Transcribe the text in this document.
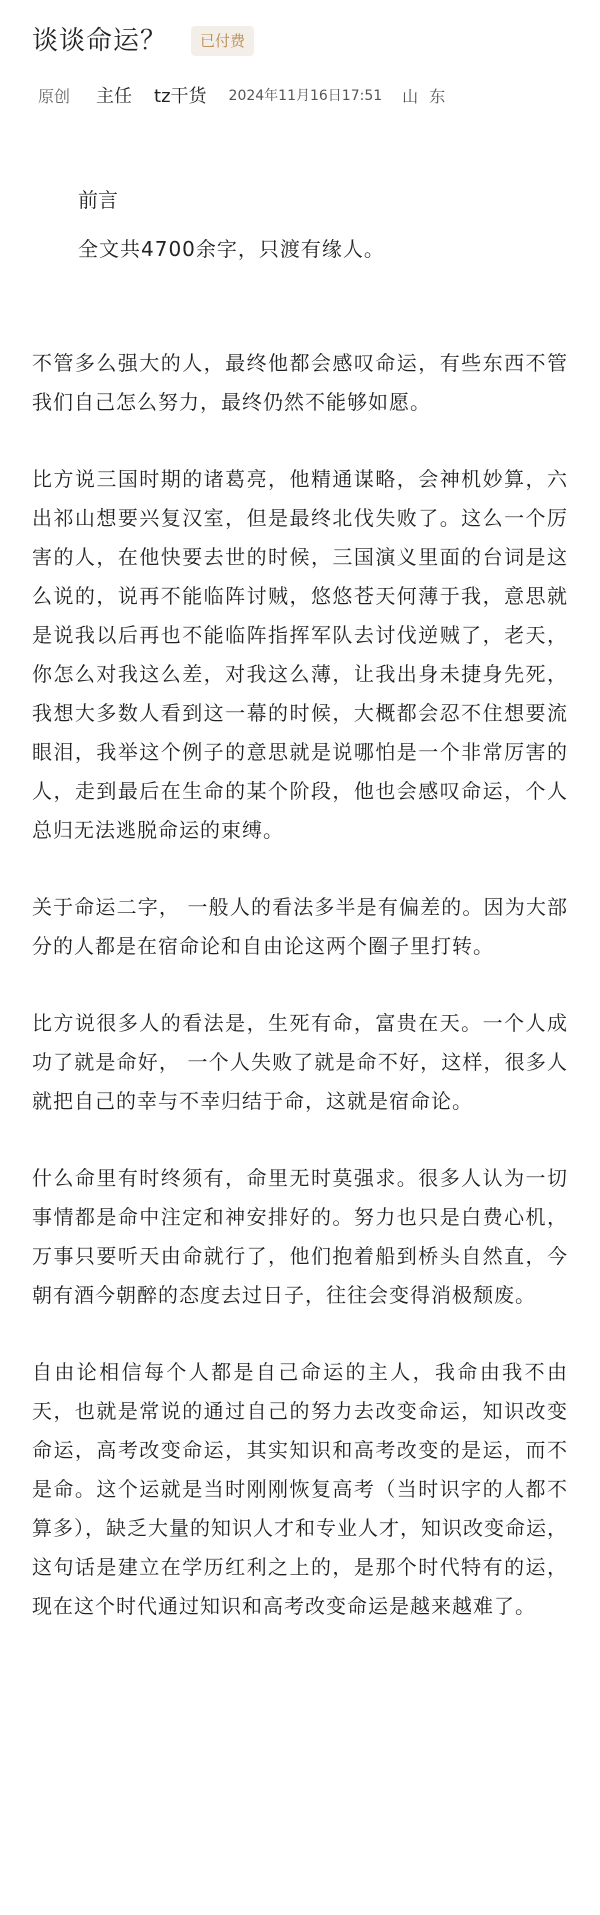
谈谈命运？	已付费
原创 主任 tz干货 2024年11月16日17:51 山 东
前言
全文共4700余字，只渡有缘人。

不管多么强大的人，最终他都会感叹命运，有些东西不管我们自己怎么努力，最终仍然不能够如愿。

比方说三国时期的诸葛亮，他精通谋略，会神机妙算，六出祁山想要兴复汉室，但是最终北伐失败了。这么一个厉害的人，在他快要去世的时候，三国演义里面的台词是这么说的，说再不能临阵讨贼，悠悠苍天何薄于我，意思就是说我以后再也不能临阵指挥军队去讨伐逆贼了，老天，你怎么对我这么差，对我这么薄，让我出身未捷身先死，我想大多数人看到这一幕的时候，大概都会忍不住想要流眼泪，我举这个例子的意思就是说哪怕是一个非常厉害的人，走到最后在生命的某个阶段，他也会感叹命运，个人总归无法逃脱命运的束缚。

关于命运二字， 一般人的看法多半是有偏差的。因为大部分的人都是在宿命论和自由论这两个圈子里打转。

比方说很多人的看法是，生死有命，富贵在天。一个人成功了就是命好， 一个人失败了就是命不好，这样，很多人就把自己的幸与不幸归结于命，这就是宿命论。

什么命里有时终须有，命里无时莫强求。很多人认为一切事情都是命中注定和神安排好的。努力也只是白费心机，万事只要听天由命就行了，他们抱着船到桥头自然直，今朝有酒今朝醉的态度去过日子，往往会变得消极颓废。

自由论相信每个人都是自己命运的主人，我命由我不由天，也就是常说的通过自己的努力去改变命运，知识改变命运，高考改变命运，其实知识和高考改变的是运，而不是命。这个运就是当时刚刚恢复高考（当时识字的人都不算多），缺乏大量的知识人才和专业人才，知识改变命运，这句话是建立在学历红利之上的，是那个时代特有的运，现在这个时代通过知识和高考改变命运是越来越难了。
